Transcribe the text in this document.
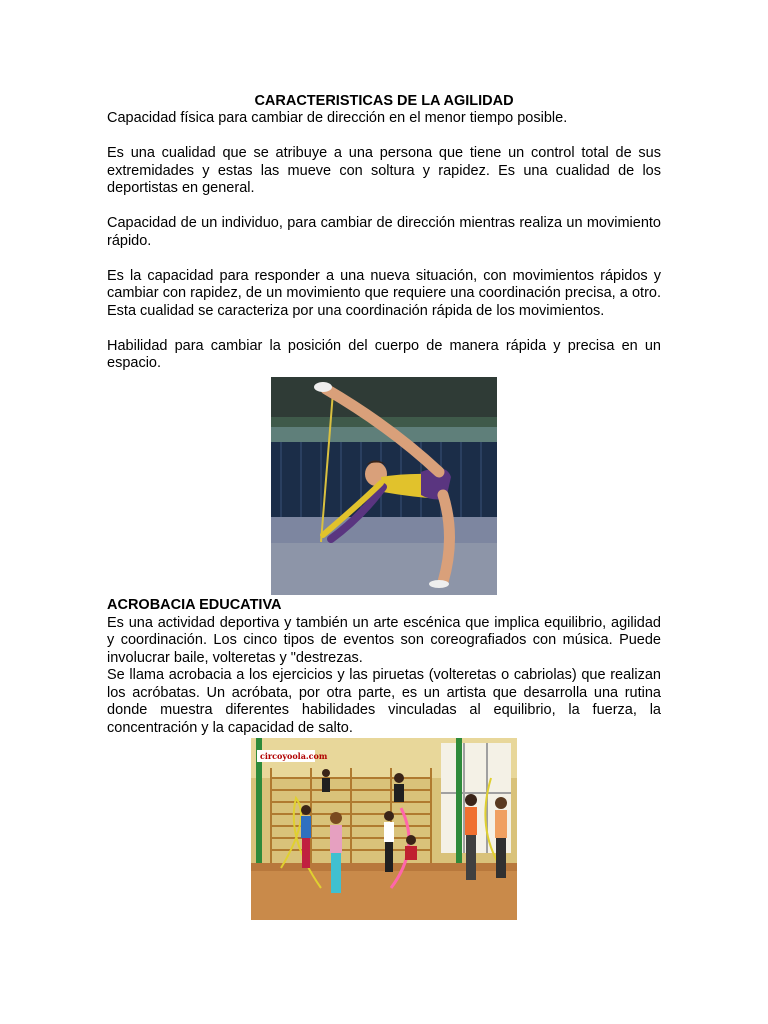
CARACTERISTICAS DE LA AGILIDAD

Capacidad física para cambiar de dirección en el menor tiempo posible.

Es una cualidad que se atribuye a una persona que tiene un control total de sus extremidades y estas las mueve con soltura y rapidez. Es una cualidad de los deportistas en general.

Capacidad de un individuo, para cambiar de dirección mientras realiza un movimiento rápido.

Es la capacidad para responder a una nueva situación, con movimientos rápidos y cambiar con rapidez, de un movimiento que requiere una coordinación precisa, a otro. Esta cualidad se caracteriza por una coordinación rápida de los movimientos.

Habilidad para cambiar la posición del cuerpo de manera rápida y precisa en un espacio.

ACROBACIA EDUCATIVA

Es una actividad deportiva y también un arte escénica que implica equilibrio, agilidad y coordinación. Los cinco tipos de eventos son coreografiados con música. Puede involucrar baile, volteretas y "destrezas.

Se llama acrobacia a los ejercicios y las piruetas (volteretas o cabriolas) que realizan los acróbatas. Un acróbata, por otra parte, es un artista que desarrolla una rutina donde muestra diferentes habilidades vinculadas al equilibrio, la fuerza, la concentración y la capacidad de salto.

circoyoola.com
